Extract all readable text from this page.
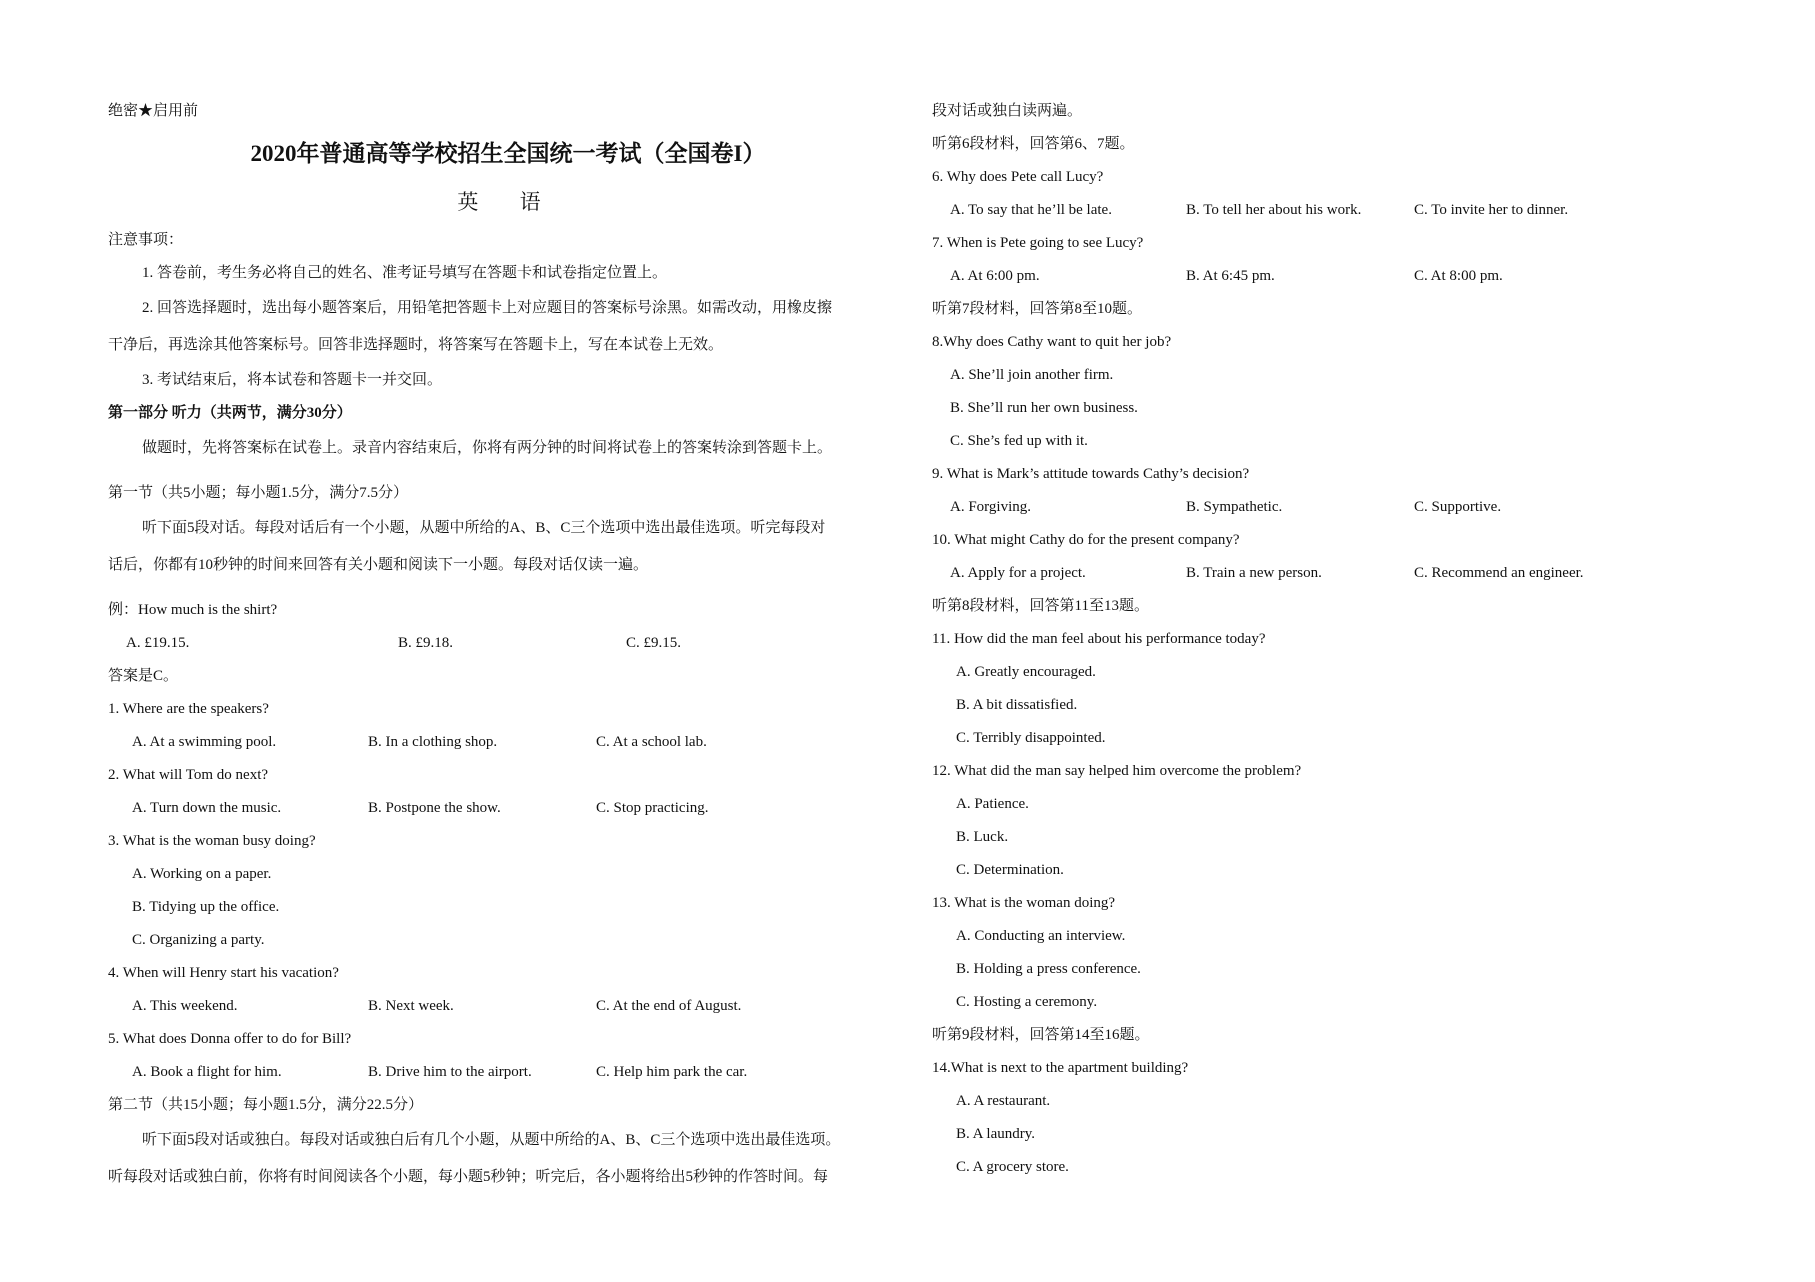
绝密★启用前
2020年普通高等学校招生全国统一考试（全国卷I）
英 语
注意事项：
1. 答卷前，考生务必将自己的姓名、准考证号填写在答题卡和试卷指定位置上。
2. 回答选择题时，选出每小题答案后，用铅笔把答题卡上对应题目的答案标号涂黑。如需改动，用橡皮擦
干净后，再选涂其他答案标号。回答非选择题时，将答案写在答题卡上，写在本试卷上无效。
3. 考试结束后，将本试卷和答题卡一并交回。
第一部分 听力（共两节，满分30分）
做题时，先将答案标在试卷上。录音内容结束后，你将有两分钟的时间将试卷上的答案转涂到答题卡上。
第一节（共5小题；每小题1.5分，满分7.5分）
听下面5段对话。每段对话后有一个小题，从题中所给的A、B、C三个选项中选出最佳选项。听完每段对
话后，你都有10秒钟的时间来回答有关小题和阅读下一小题。每段对话仅读一遍。
例：How much is the shirt?
A. £19.15.	B. £9.18.	C. £9.15.
答案是C。
1. Where are the speakers?
A. At a swimming pool.	B. In a clothing shop.	C. At a school lab.
2. What will Tom do next?
A. Turn down the music.	B. Postpone the show.	C. Stop practicing.
3. What is the woman busy doing?
A. Working on a paper.
B. Tidying up the office.
C. Organizing a party.
4. When will Henry start his vacation?
A. This weekend.	B. Next week.	C. At the end of August.
5. What does Donna offer to do for Bill?
A. Book a flight for him.	B. Drive him to the airport.	C. Help him park the car.
第二节（共15小题；每小题1.5分，满分22.5分）
听下面5段对话或独白。每段对话或独白后有几个小题，从题中所给的A、B、C三个选项中选出最佳选项。
听每段对话或独白前，你将有时间阅读各个小题，每小题5秒钟；听完后，各小题将给出5秒钟的作答时间。每
段对话或独白读两遍。
听第6段材料，回答第6、7题。
6. Why does Pete call Lucy?
A. To say that he’ll be late.	B. To tell her about his work.	C. To invite her to dinner.
7. When is Pete going to see Lucy?
A. At 6:00 pm.	B. At 6:45 pm.	C. At 8:00 pm.
听第7段材料，回答第8至10题。
8.Why does Cathy want to quit her job?
A. She’ll join another firm.
B. She’ll run her own business.
C. She’s fed up with it.
9. What is Mark’s attitude towards Cathy’s decision?
A. Forgiving.	B. Sympathetic.	C. Supportive.
10. What might Cathy do for the present company?
A. Apply for a project.	B. Train a new person.	C. Recommend an engineer.
听第8段材料，回答第11至13题。
11. How did the man feel about his performance today?
A. Greatly encouraged.
B. A bit dissatisfied.
C. Terribly disappointed.
12. What did the man say helped him overcome the problem?
A. Patience.
B. Luck.
C. Determination.
13. What is the woman doing?
A. Conducting an interview.
B. Holding a press conference.
C. Hosting a ceremony.
听第9段材料，回答第14至16题。
14.What is next to the apartment building?
A. A restaurant.
B. A laundry.
C. A grocery store.
